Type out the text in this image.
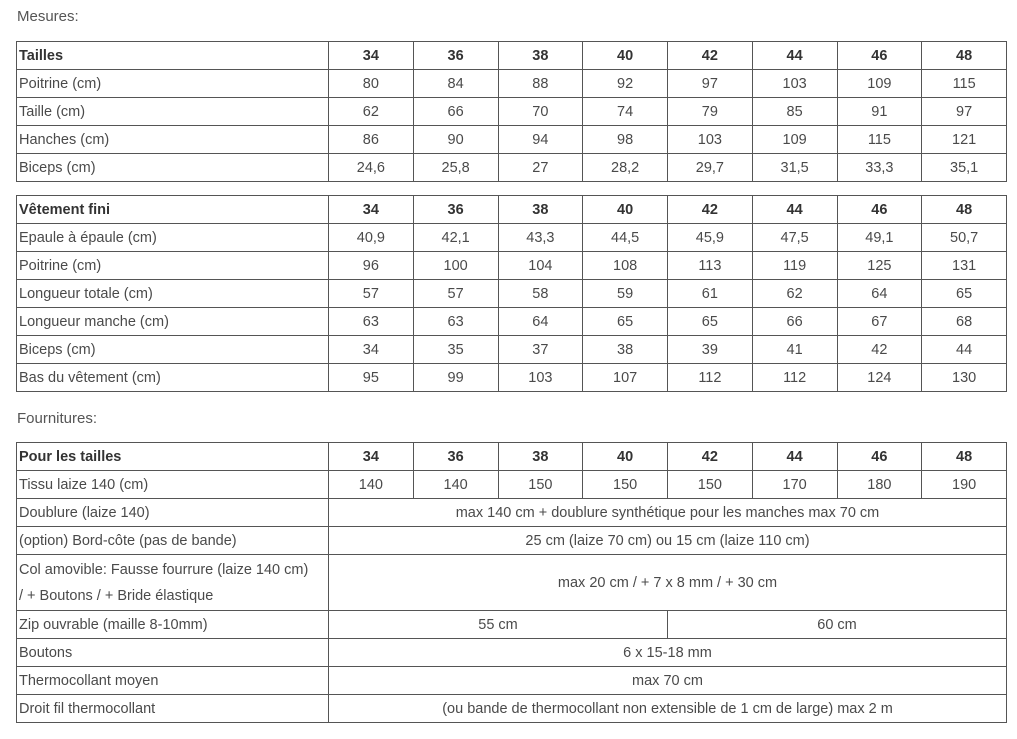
Mesures:
Tailles	34	36	38	40	42	44	46	48
Poitrine (cm)	80	84	88	92	97	103	109	115
Taille (cm)	62	66	70	74	79	85	91	97
Hanches (cm)	86	90	94	98	103	109	115	121
Biceps (cm)	24,6	25,8	27	28,2	29,7	31,5	33,3	35,1
Vêtement fini	34	36	38	40	42	44	46	48
Epaule à épaule (cm)	40,9	42,1	43,3	44,5	45,9	47,5	49,1	50,7
Poitrine (cm)	96	100	104	108	113	119	125	131
Longueur totale (cm)	57	57	58	59	61	62	64	65
Longueur manche (cm)	63	63	64	65	65	66	67	68
Biceps (cm)	34	35	37	38	39	41	42	44
Bas du vêtement (cm)	95	99	103	107	112	112	124	130
Fournitures:
Pour les tailles	34	36	38	40	42	44	46	48
Tissu laize 140 (cm)	140	140	150	150	150	170	180	190
Doublure (laize 140)	max 140 cm + doublure synthétique pour les manches max 70 cm							
(option) Bord-côte (pas de bande)	25 cm (laize 70 cm) ou 15 cm (laize 110 cm)							

Col amovible: Fausse fourrure (laize 140 cm)
/ + Boutons / + Bride élastique	max 20 cm / + 7 x 8 mm / + 30 cm							
Zip ouvrable (maille 8-10mm)	55 cm				60 cm			
Boutons	6 x 15-18 mm							
Thermocollant moyen	max 70 cm							
Droit fil thermocollant	(ou bande de thermocollant non extensible de 1 cm de large) max 2 m							
